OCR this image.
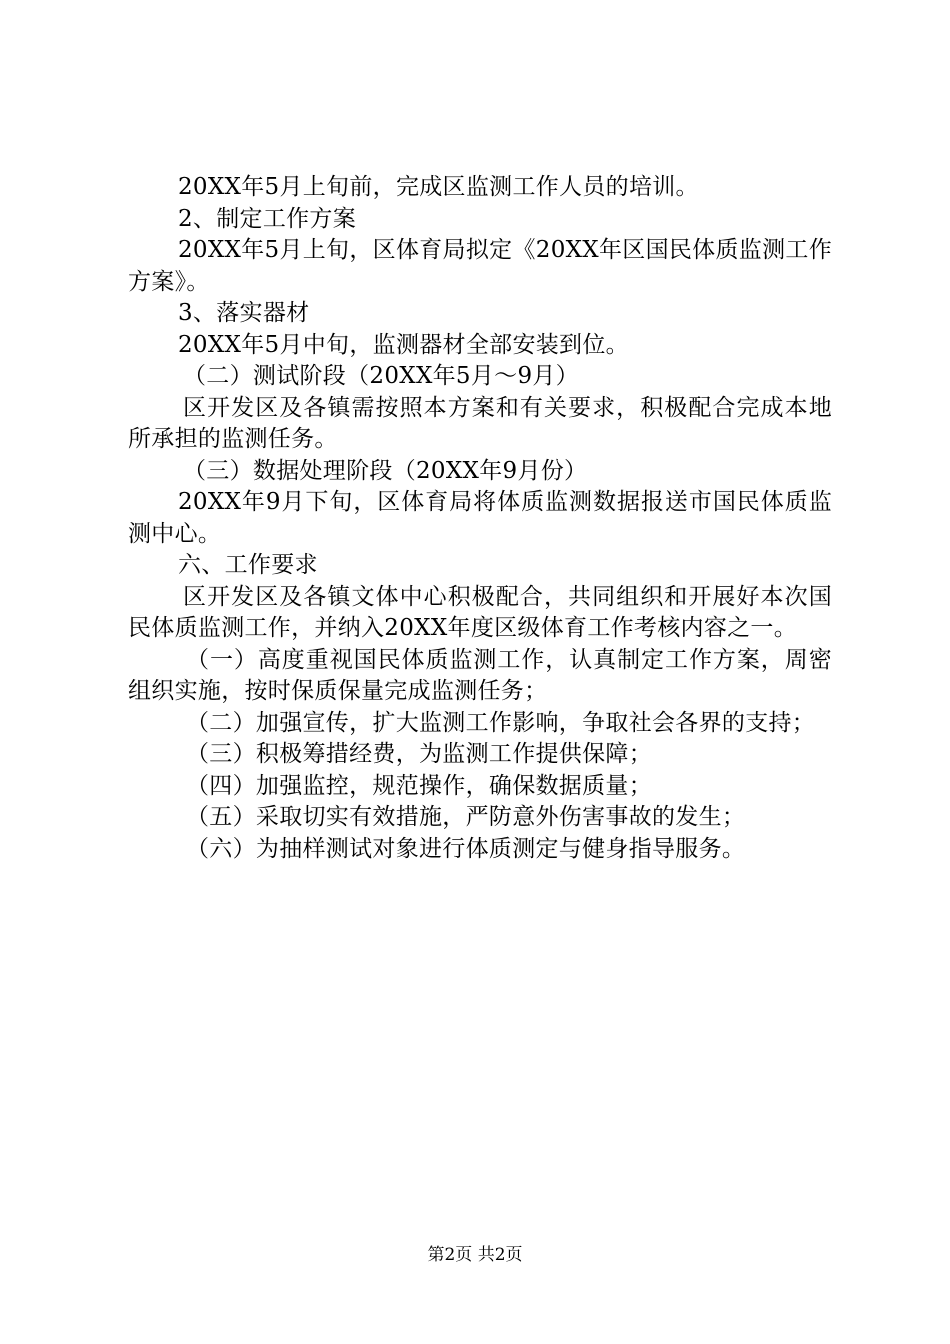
20XX年5月上旬前，完成区监测工作人员的培训。

2、制定工作方案

20XX年5月上旬，区体育局拟定《20XX年区国民体质监测工作方案》。

3、落实器材

20XX年5月中旬，监测器材全部安装到位。

（二）测试阶段（20XX年5月～9月）

区开发区及各镇需按照本方案和有关要求，积极配合完成本地所承担的监测任务。

（三）数据处理阶段（20XX年9月份）

20XX年9月下旬，区体育局将体质监测数据报送市国民体质监测中心。

六、工作要求

区开发区及各镇文体中心积极配合，共同组织和开展好本次国民体质监测工作，并纳入20XX年度区级体育工作考核内容之一。

（一）高度重视国民体质监测工作，认真制定工作方案，周密组织实施，按时保质保量完成监测任务；

（二）加强宣传，扩大监测工作影响，争取社会各界的支持；

（三）积极筹措经费，为监测工作提供保障；

（四）加强监控，规范操作，确保数据质量；

（五）采取切实有效措施，严防意外伤害事故的发生；

（六）为抽样测试对象进行体质测定与健身指导服务。

第2页 共2页
